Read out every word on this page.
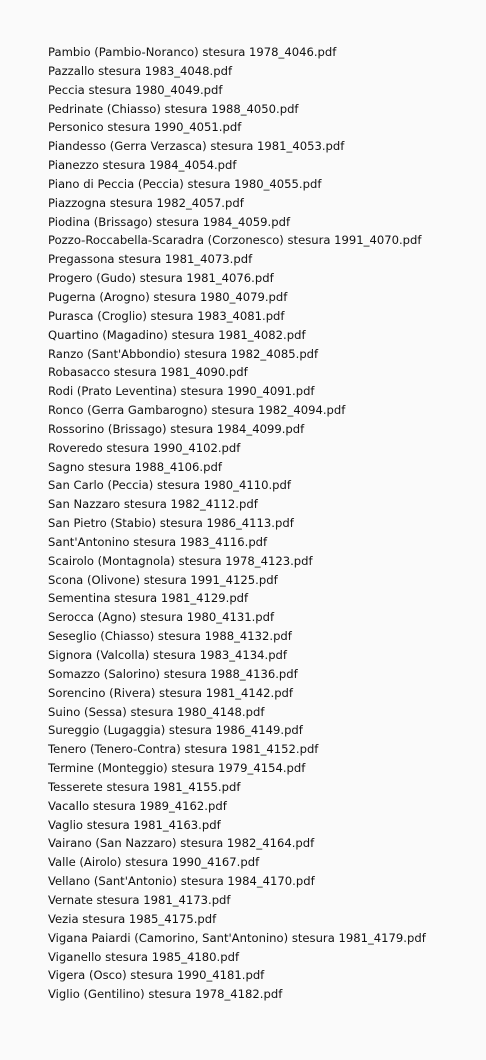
Pambio (Pambio-Noranco) stesura 1978_4046.pdf
Pazzallo stesura 1983_4048.pdf
Peccia stesura 1980_4049.pdf
Pedrinate (Chiasso) stesura 1988_4050.pdf
Personico stesura 1990_4051.pdf
Piandesso (Gerra Verzasca) stesura 1981_4053.pdf
Pianezzo stesura 1984_4054.pdf
Piano di Peccia (Peccia) stesura 1980_4055.pdf
Piazzogna stesura 1982_4057.pdf
Piodina (Brissago) stesura 1984_4059.pdf
Pozzo-Roccabella-Scaradra (Corzonesco) stesura 1991_4070.pdf
Pregassona stesura 1981_4073.pdf
Progero (Gudo) stesura 1981_4076.pdf
Pugerna (Arogno) stesura 1980_4079.pdf
Purasca (Croglio) stesura 1983_4081.pdf
Quartino (Magadino) stesura 1981_4082.pdf
Ranzo (Sant'Abbondio) stesura 1982_4085.pdf
Robasacco stesura 1981_4090.pdf
Rodi (Prato Leventina) stesura 1990_4091.pdf
Ronco (Gerra Gambarogno) stesura 1982_4094.pdf
Rossorino (Brissago) stesura 1984_4099.pdf
Roveredo stesura 1990_4102.pdf
Sagno stesura 1988_4106.pdf
San Carlo (Peccia) stesura 1980_4110.pdf
San Nazzaro stesura 1982_4112.pdf
San Pietro (Stabio) stesura 1986_4113.pdf
Sant'Antonino stesura 1983_4116.pdf
Scairolo (Montagnola) stesura 1978_4123.pdf
Scona (Olivone) stesura 1991_4125.pdf
Sementina stesura 1981_4129.pdf
Serocca (Agno) stesura 1980_4131.pdf
Seseglio (Chiasso) stesura 1988_4132.pdf
Signora (Valcolla) stesura 1983_4134.pdf
Somazzo (Salorino) stesura 1988_4136.pdf
Sorencino (Rivera) stesura 1981_4142.pdf
Suino (Sessa) stesura 1980_4148.pdf
Sureggio (Lugaggia) stesura 1986_4149.pdf
Tenero (Tenero-Contra) stesura 1981_4152.pdf
Termine (Monteggio) stesura 1979_4154.pdf
Tesserete stesura 1981_4155.pdf
Vacallo stesura 1989_4162.pdf
Vaglio stesura 1981_4163.pdf
Vairano (San Nazzaro) stesura 1982_4164.pdf
Valle (Airolo) stesura 1990_4167.pdf
Vellano (Sant'Antonio) stesura 1984_4170.pdf
Vernate stesura 1981_4173.pdf
Vezia stesura 1985_4175.pdf
Vigana Paiardi (Camorino, Sant'Antonino) stesura 1981_4179.pdf
Viganello stesura 1985_4180.pdf
Vigera (Osco) stesura 1990_4181.pdf
Viglio (Gentilino) stesura 1978_4182.pdf
